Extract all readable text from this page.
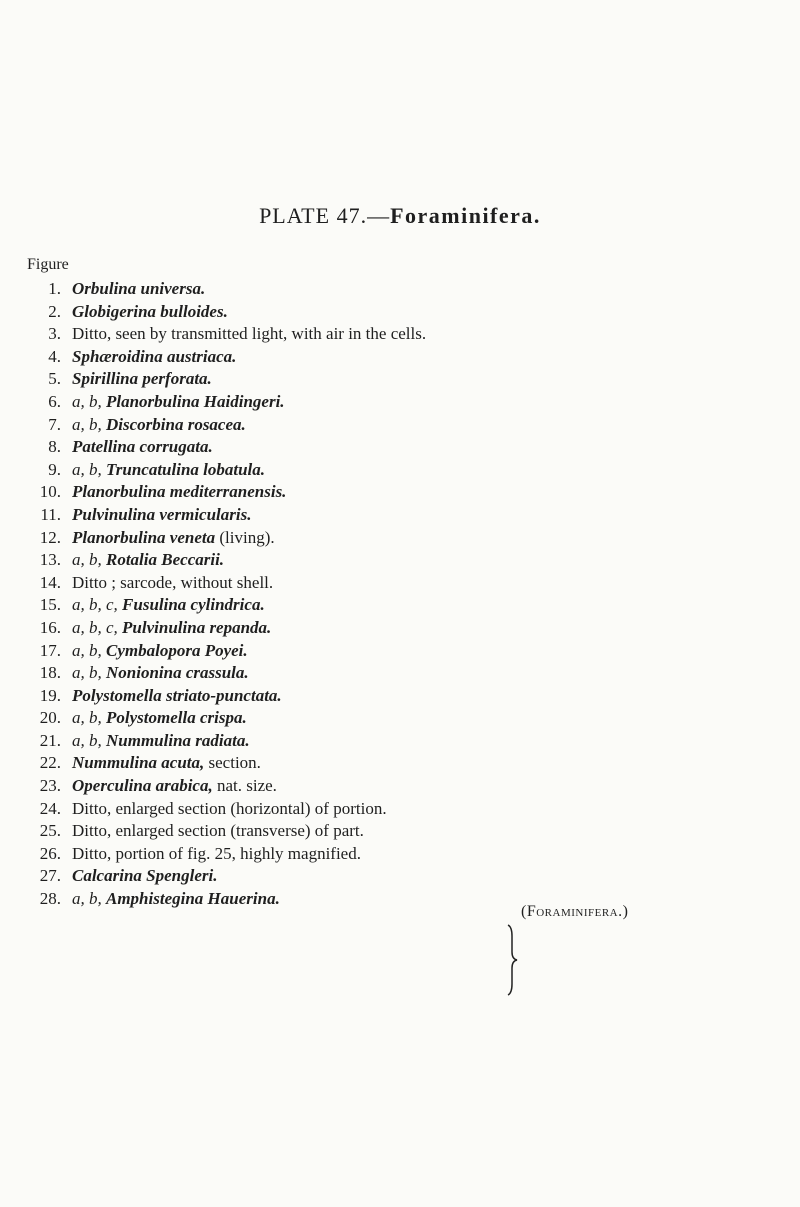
PLATE 47.—Foraminifera.
Figure
1. Orbulina universa.
2. Globigerina bulloides.
3. Ditto, seen by transmitted light, with air in the cells.
4. Sphæroidina austriaca.
5. Spirillina perforata.
6. a, b, Planorbulina Haidingeri.
7. a, b, Discorbina rosacea.
8. Patellina corrugata.
9. a, b, Truncatulina lobatula.
10. Planorbulina mediterranensis.
11. Pulvinulina vermicularis.
12. Planorbulina veneta (living).
13. a, b, Rotalia Beccarii.
14. Ditto ; sarcode, without shell.
15. a, b, c, Fusulina cylindrica.
16. a, b, c, Pulvinulina repanda.
17. a, b, Cymbalopora Poyei.
18. a, b, Nonionina crassula.
19. Polystomella striato-punctata.
20. a, b, Polystomella crispa.
21. a, b, Nummulina radiata.
22. Nummulina acuta, section.
23. Operculina arabica, nat. size.
24. Ditto, enlarged section (horizontal) of portion.
25. Ditto, enlarged section (transverse) of part.
26. Ditto, portion of fig. 25, highly magnified.
27. Calcarina Spengleri.
28. a, b, Amphistegina Hauerina.
(Foraminifera.)
